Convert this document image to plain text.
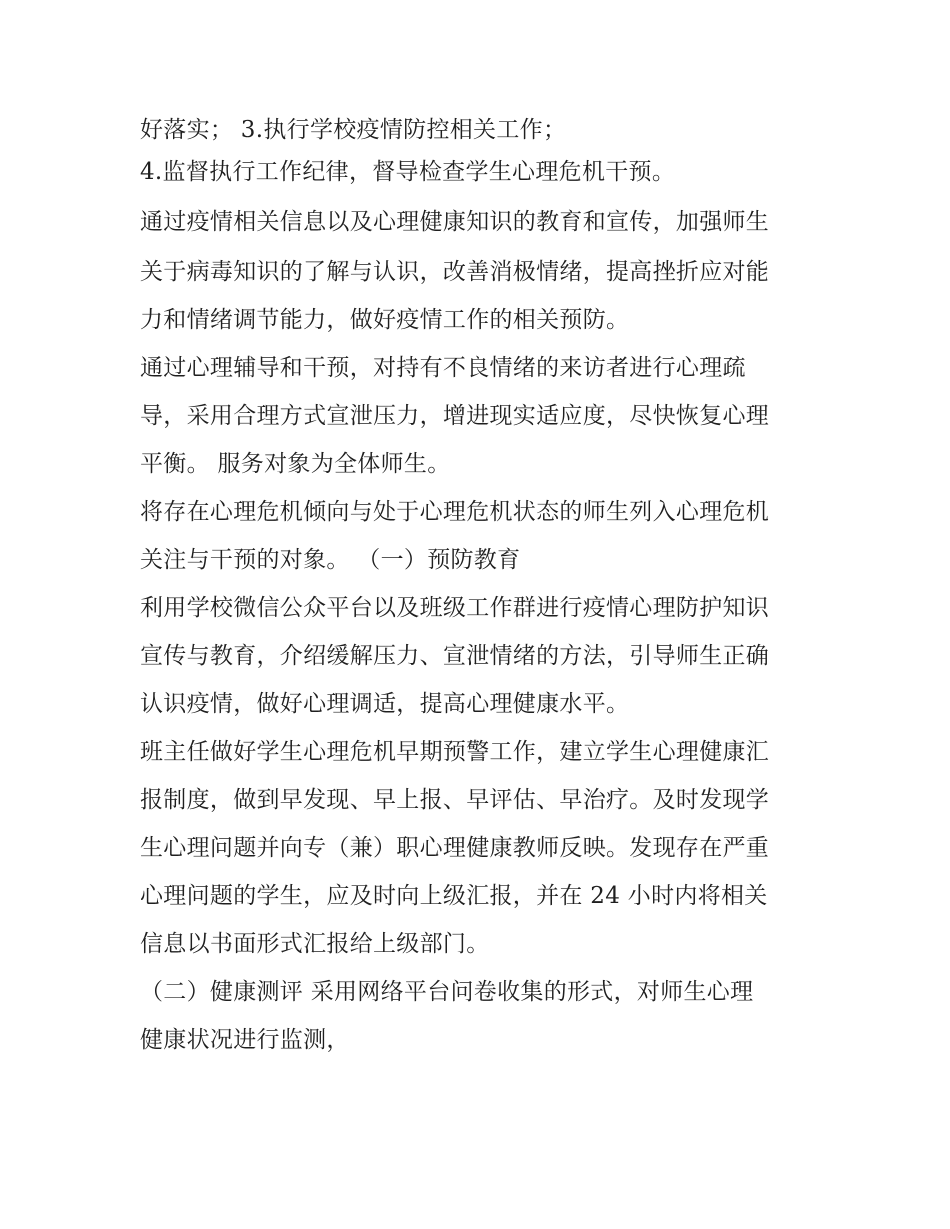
好落实； 3.执行学校疫情防控相关工作；
4.监督执行工作纪律，督导检查学生心理危机干预。
通过疫情相关信息以及心理健康知识的教育和宣传，加强师生
关于病毒知识的了解与认识，改善消极情绪，提高挫折应对能
力和情绪调节能力，做好疫情工作的相关预防。
通过心理辅导和干预，对持有不良情绪的来访者进行心理疏
导，采用合理方式宣泄压力，增进现实适应度，尽快恢复心理
平衡。 服务对象为全体师生。
将存在心理危机倾向与处于心理危机状态的师生列入心理危机
关注与干预的对象。 （一）预防教育
利用学校微信公众平台以及班级工作群进行疫情心理防护知识
宣传与教育，介绍缓解压力、宣泄情绪的方法，引导师生正确
认识疫情，做好心理调适，提高心理健康水平。
班主任做好学生心理危机早期预警工作，建立学生心理健康汇
报制度，做到早发现、早上报、早评估、早治疗。及时发现学
生心理问题并向专（兼）职心理健康教师反映。发现存在严重
心理问题的学生，应及时向上级汇报，并在 24 小时内将相关
信息以书面形式汇报给上级部门。
（二）健康测评 采用网络平台问卷收集的形式，对师生心理
健康状况进行监测，
